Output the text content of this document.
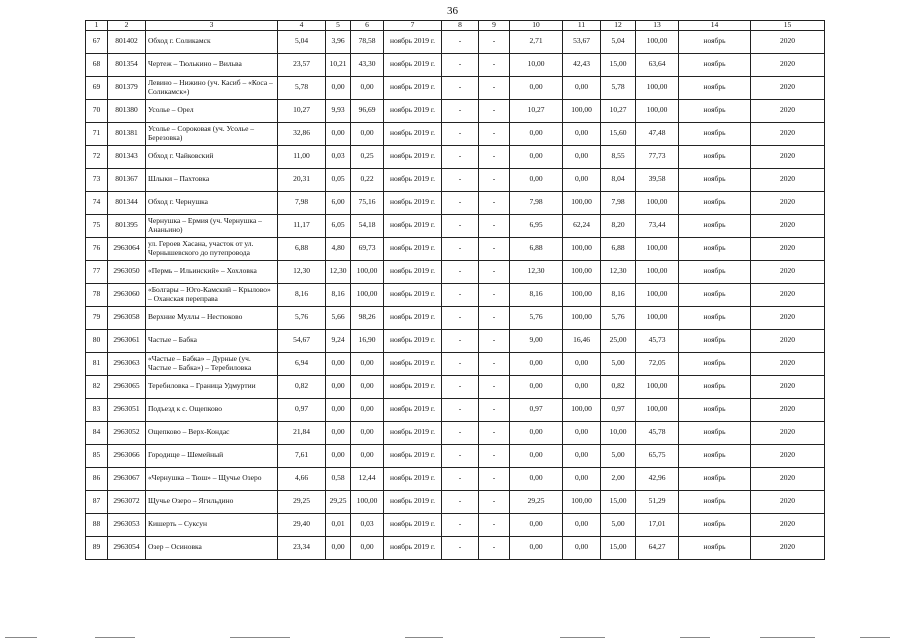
36
1	2	3	4	5	6	7	8	9	10	11	12	13	14	15
67	801402	Обход г. Соликамск	5,04	3,96	78,58	ноябрь 2019 г.	-	-	2,71	53,67	5,04	100,00	ноябрь	2020
68	801354	Чертеж – Тюлькино – Вильва	23,57	10,21	43,30	ноябрь 2019 г.	-	-	10,00	42,43	15,00	63,64	ноябрь	2020
69	801379	Левино – Нижино (уч. Касиб – «Коса – Соликамск»)	5,78	0,00	0,00	ноябрь 2019 г.	-	-	0,00	0,00	5,78	100,00	ноябрь	2020
70	801380	Усолье – Орел	10,27	9,93	96,69	ноябрь 2019 г.	-	-	10,27	100,00	10,27	100,00	ноябрь	2020
71	801381	Усолье – Сороковая (уч. Усолье – Березовка)	32,86	0,00	0,00	ноябрь 2019 г.	-	-	0,00	0,00	15,60	47,48	ноябрь	2020
72	801343	Обход г. Чайковский	11,00	0,03	0,25	ноябрь 2019 г.	-	-	0,00	0,00	8,55	77,73	ноябрь	2020
73	801367	Шлыки – Пахтовка	20,31	0,05	0,22	ноябрь 2019 г.	-	-	0,00	0,00	8,04	39,58	ноябрь	2020
74	801344	Обход г. Чернушка	7,98	6,00	75,16	ноябрь 2019 г.	-	-	7,98	100,00	7,98	100,00	ноябрь	2020
75	801395	Чернушка – Ермия (уч. Чернушка – Ананьино)	11,17	6,05	54,18	ноябрь 2019 г.	-	-	6,95	62,24	8,20	73,44	ноябрь	2020
76	2963064	ул. Героев Хасана, участок от ул. Чернышевского до путепровода	6,88	4,80	69,73	ноябрь 2019 г.	-	-	6,88	100,00	6,88	100,00	ноябрь	2020
77	2963050	«Пермь – Ильинский» – Хохловка	12,30	12,30	100,00	ноябрь 2019 г.	-	-	12,30	100,00	12,30	100,00	ноябрь	2020
78	2963060	«Болгары – Юго-Камский – Крылово» – Оханская переправа	8,16	8,16	100,00	ноябрь 2019 г.	-	-	8,16	100,00	8,16	100,00	ноябрь	2020
79	2963058	Верхние Муллы – Нестюково	5,76	5,66	98,26	ноябрь 2019 г.	-	-	5,76	100,00	5,76	100,00	ноябрь	2020
80	2963061	Частые – Бабка	54,67	9,24	16,90	ноябрь 2019 г.	-	-	9,00	16,46	25,00	45,73	ноябрь	2020
81	2963063	«Частые – Бабка» – Дурные (уч. Частые – Бабка») – Теребиловка	6,94	0,00	0,00	ноябрь 2019 г.	-	-	0,00	0,00	5,00	72,05	ноябрь	2020
82	2963065	Теребиловка – Граница Удмуртии	0,82	0,00	0,00	ноябрь 2019 г.	-	-	0,00	0,00	0,82	100,00	ноябрь	2020
83	2963051	Подъезд к с. Ощепково	0,97	0,00	0,00	ноябрь 2019 г.	-	-	0,97	100,00	0,97	100,00	ноябрь	2020
84	2963052	Ощепково – Верх-Кондас	21,84	0,00	0,00	ноябрь 2019 г.	-	-	0,00	0,00	10,00	45,78	ноябрь	2020
85	2963066	Городище – Шемейный	7,61	0,00	0,00	ноябрь 2019 г.	-	-	0,00	0,00	5,00	65,75	ноябрь	2020
86	2963067	«Чернушка – Тюш» – Щучье Озеро	4,66	0,58	12,44	ноябрь 2019 г.	-	-	0,00	0,00	2,00	42,96	ноябрь	2020
87	2963072	Щучье Озеро – Ягильдино	29,25	29,25	100,00	ноябрь 2019 г.	-	-	29,25	100,00	15,00	51,29	ноябрь	2020
88	2963053	Кишерть – Суксун	29,40	0,01	0,03	ноябрь 2019 г.	-	-	0,00	0,00	5,00	17,01	ноябрь	2020
89	2963054	Озер – Осиновка	23,34	0,00	0,00	ноябрь 2019 г.	-	-	0,00	0,00	15,00	64,27	ноябрь	2020
